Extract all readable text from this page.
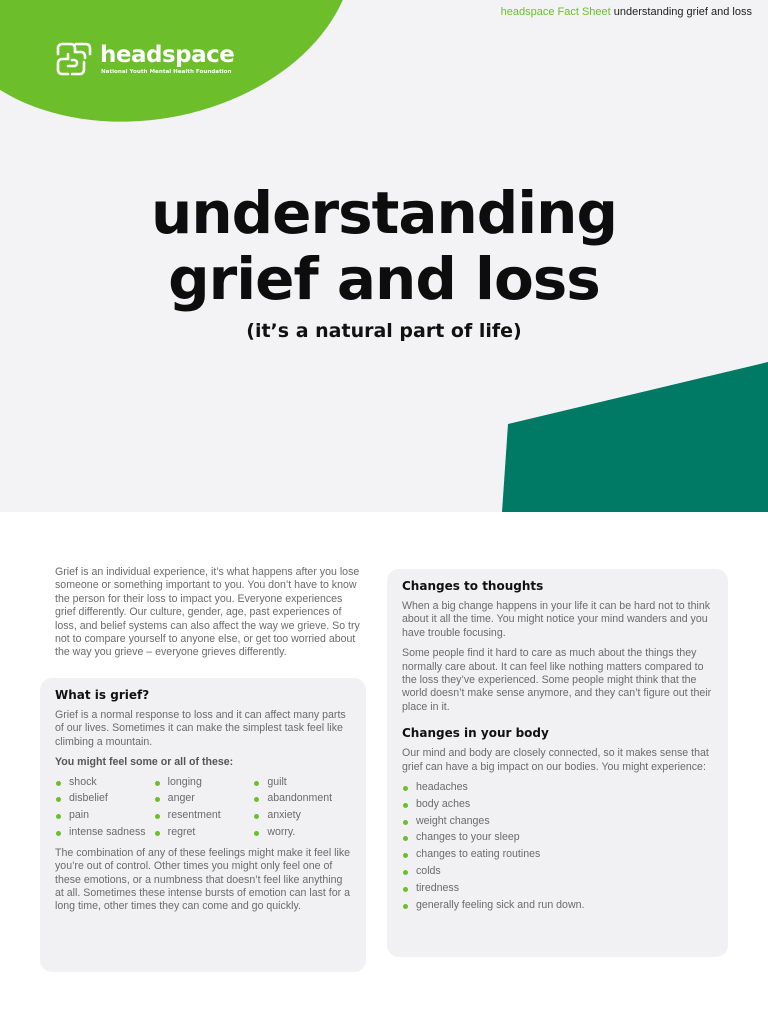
headspace
National Youth Mental Health Foundation
headspace Fact Sheet understanding grief and loss
understanding
grief and loss
(it’s a natural part of life)
Grief is an individual experience, it’s what happens after you lose someone or something important to you. You don’t have to know the person for their loss to impact you. Everyone experiences grief differently. Our culture, gender, age, past experiences of loss, and belief systems can also affect the way we grieve. So try not to compare yourself to anyone else, or get too worried about the way you grieve – everyone grieves differently.
What is grief?

Grief is a normal response to loss and it can affect many parts of our lives. Sometimes it can make the simplest task feel like climbing a mountain.

You might feel some or all of these:

shock
disbelief
pain
intense sadness
longing
anger
resentment
regret
guilt
abandonment
anxiety
worry.

The combination of any of these feelings might make it feel like you’re out of control. Other times you might only feel one of these emotions, or a numbness that doesn’t feel like anything at all. Sometimes these intense bursts of emotion can last for a long time, other times they can come and go quickly.

Changes to thoughts

When a big change happens in your life it can be hard not to think about it all the time. You might notice your mind wanders and you have trouble focusing.

Some people find it hard to care as much about the things they normally care about. It can feel like nothing matters compared to the loss they’ve experienced. Some people might think that the world doesn’t make sense anymore, and they can’t figure out their place in it.

Changes in your body

Our mind and body are closely connected, so it makes sense that grief can have a big impact on our bodies. You might experience:

headaches
body aches
weight changes
changes to your sleep
changes to eating routines
colds
tiredness
generally feeling sick and run down.
